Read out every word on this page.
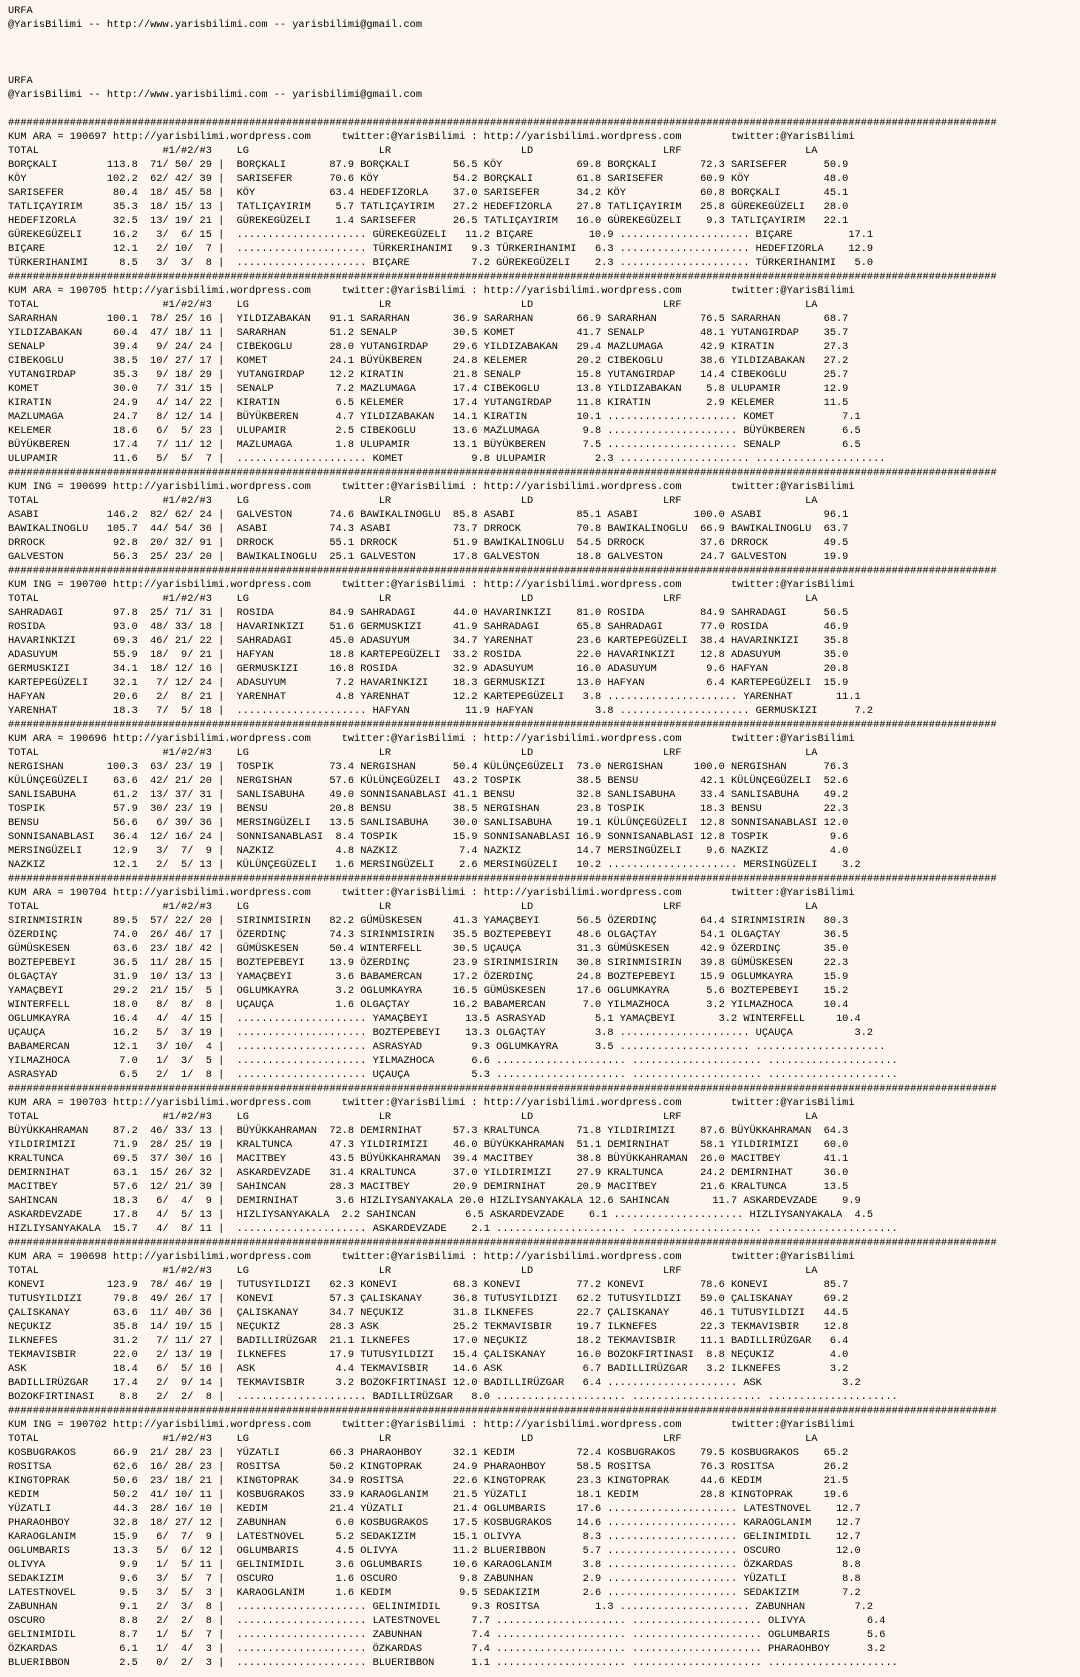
URFA
@YarisBilimi -- http://www.yarisbilimi.com -- yarisbilimi@gmail.com
URFA
@YarisBilimi -- http://www.yarisbilimi.com -- yarisbilimi@gmail.com
################################################################################################################################################################
KUM ARA = 190697 http://yarisbilimi.wordpress.com     twitter:@YarisBilimi : http://yarisbilimi.wordpress.com        twitter:@YarisBilimi
TOTAL                    #1/#2/#3    LG                     LR                     LD                     LRF                    LA
BORÇKALI        113.8  71/ 50/ 29 |  BORÇKALI       87.9 BORÇKALI       56.5 KÖY            69.8 BORÇKALI       72.3 SARISEFER      50.9
KÖY             102.2  62/ 42/ 39 |  SARISEFER      70.6 KÖY            54.2 BORÇKALI       61.8 SARISEFER      60.9 KÖY            48.0
SARISEFER        80.4  18/ 45/ 58 |  KÖY            63.4 HEDEFIZORLA    37.0 SARISEFER      34.2 KÖY            60.8 BORÇKALI       45.1
TATLIÇAYIRIM     35.3  18/ 15/ 13 |  TATLIÇAYIRIM    5.7 TATLIÇAYIRIM   27.2 HEDEFIZORLA    27.8 TATLIÇAYIRIM   25.8 GÜREKEGÜZELI   28.0
HEDEFIZORLA      32.5  13/ 19/ 21 |  GÜREKEGÜZELI    1.4 SARISEFER      26.5 TATLIÇAYIRIM   16.0 GÜREKEGÜZELI    9.3 TATLIÇAYIRIM   22.1
GÜREKEGÜZELI     16.2   3/  6/ 15 |  ..................... GÜREKEGÜZELI   11.2 BIÇARE         10.9 ..................... BIÇARE         17.1
BIÇARE           12.1   2/ 10/  7 |  ..................... TÜRKERIHANIMI   9.3 TÜRKERIHANIMI   6.3 ..................... HEDEFIZORLA    12.9
TÜRKERIHANIMI     8.5   3/  3/  8 |  ..................... BIÇARE          7.2 GÜREKEGÜZELI    2.3 ..................... TÜRKERIHANIMI   5.0
################################################################################################################################################################
KUM ARA = 190705 http://yarisbilimi.wordpress.com     twitter:@YarisBilimi : http://yarisbilimi.wordpress.com        twitter:@YarisBilimi
TOTAL                    #1/#2/#3    LG                     LR                     LD                     LRF                    LA
SARARHAN        100.1  78/ 25/ 16 |  YILDIZABAKAN   91.1 SARARHAN       36.9 SARARHAN       66.9 SARARHAN       76.5 SARARHAN       68.7
YILDIZABAKAN     60.4  47/ 18/ 11 |  SARARHAN       51.2 SENALP         30.5 KOMET          41.7 SENALP         48.1 YUTANGIRDAP    35.7
SENALP           39.4   9/ 24/ 24 |  CIBEKOGLU      28.0 YUTANGIRDAP    29.6 YILDIZABAKAN   29.4 MAZLUMAGA      42.9 KIRATIN        27.3
CIBEKOGLU        38.5  10/ 27/ 17 |  KOMET          24.1 BÜYÜKBEREN     24.8 KELEMER        20.2 CIBEKOGLU      38.6 YILDIZABAKAN   27.2
YUTANGIRDAP      35.3   9/ 18/ 29 |  YUTANGIRDAP    12.2 KIRATIN        21.8 SENALP         15.8 YUTANGIRDAP    14.4 CIBEKOGLU      25.7
KOMET            30.0   7/ 31/ 15 |  SENALP          7.2 MAZLUMAGA      17.4 CIBEKOGLU      13.8 YILDIZABAKAN    5.8 ULUPAMIR       12.9
KIRATIN          24.9   4/ 14/ 22 |  KIRATIN         6.5 KELEMER        17.4 YUTANGIRDAP    11.8 KIRATIN         2.9 KELEMER        11.5
MAZLUMAGA        24.7   8/ 12/ 14 |  BÜYÜKBEREN      4.7 YILDIZABAKAN   14.1 KIRATIN        10.1 ..................... KOMET           7.1
KELEMER          18.6   6/  5/ 23 |  ULUPAMIR        2.5 CIBEKOGLU      13.6 MAZLUMAGA       9.8 ..................... BÜYÜKBEREN      6.5
BÜYÜKBEREN       17.4   7/ 11/ 12 |  MAZLUMAGA       1.8 ULUPAMIR       13.1 BÜYÜKBEREN      7.5 ..................... SENALP          6.5
ULUPAMIR         11.6   5/  5/  7 |  ..................... KOMET           9.8 ULUPAMIR        2.3 ..................... .....................
################################################################################################################################################################
KUM ING = 190699 http://yarisbilimi.wordpress.com     twitter:@YarisBilimi : http://yarisbilimi.wordpress.com        twitter:@YarisBilimi
TOTAL                    #1/#2/#3    LG                     LR                     LD                     LRF                    LA
ASABI           146.2  82/ 62/ 24 |  GALVESTON      74.6 BAWIKALINOGLU  85.8 ASABI          85.1 ASABI         100.0 ASABI          96.1
BAWIKALINOGLU   105.7  44/ 54/ 36 |  ASABI          74.3 ASABI          73.7 DRROCK         70.8 BAWIKALINOGLU  66.9 BAWIKALINOGLU  63.7
DRROCK           92.8  20/ 32/ 91 |  DRROCK         55.1 DRROCK         51.9 BAWIKALINOGLU  54.5 DRROCK         37.6 DRROCK         49.5
GALVESTON        56.3  25/ 23/ 20 |  BAWIKALINOGLU  25.1 GALVESTON      17.8 GALVESTON      18.8 GALVESTON      24.7 GALVESTON      19.9
################################################################################################################################################################
KUM ING = 190700 http://yarisbilimi.wordpress.com     twitter:@YarisBilimi : http://yarisbilimi.wordpress.com        twitter:@YarisBilimi
TOTAL                    #1/#2/#3    LG                     LR                     LD                     LRF                    LA
SAHRADAGI        97.8  25/ 71/ 31 |  ROSIDA         84.9 SAHRADAGI      44.0 HAVARINKIZI    81.0 ROSIDA         84.9 SAHRADAGI      56.5
ROSIDA           93.0  48/ 33/ 18 |  HAVARINKIZI    51.6 GERMUSKIZI     41.9 SAHRADAGI      65.8 SAHRADAGI      77.0 ROSIDA         46.9
HAVARINKIZI      69.3  46/ 21/ 22 |  SAHRADAGI      45.0 ADASUYUM       34.7 YARENHAT       23.6 KARTEPEGÜZELI  38.4 HAVARINKIZI    35.8
ADASUYUM         55.9  18/  9/ 21 |  HAFYAN         18.8 KARTEPEGÜZELI  33.2 ROSIDA         22.0 HAVARINKIZI    12.8 ADASUYUM       35.0
GERMUSKIZI       34.1  18/ 12/ 16 |  GERMUSKIZI     16.8 ROSIDA         32.9 ADASUYUM       16.0 ADASUYUM        9.6 HAFYAN         20.8
KARTEPEGÜZELI    32.1   7/ 12/ 24 |  ADASUYUM        7.2 HAVARINKIZI    18.3 GERMUSKIZI     13.0 HAFYAN          6.4 KARTEPEGÜZELI  15.9
HAFYAN           20.6   2/  8/ 21 |  YARENHAT        4.8 YARENHAT       12.2 KARTEPEGÜZELI   3.8 ..................... YARENHAT       11.1
YARENHAT         18.3   7/  5/ 18 |  ..................... HAFYAN         11.9 HAFYAN          3.8 ..................... GERMUSKIZI      7.2
################################################################################################################################################################
KUM ARA = 190696 http://yarisbilimi.wordpress.com     twitter:@YarisBilimi : http://yarisbilimi.wordpress.com        twitter:@YarisBilimi
TOTAL                    #1/#2/#3    LG                     LR                     LD                     LRF                    LA
NERGISHAN       100.3  63/ 23/ 19 |  TOSPIK         73.4 NERGISHAN      50.4 KÜLÜNÇEGÜZELI  73.0 NERGISHAN     100.0 NERGISHAN      76.3
KÜLÜNÇEGÜZELI    63.6  42/ 21/ 20 |  NERGISHAN      57.6 KÜLÜNÇEGÜZELI  43.2 TOSPIK         38.5 BENSU          42.1 KÜLÜNÇEGÜZELI  52.6
SANLISABUHA      61.2  13/ 37/ 31 |  SANLISABUHA    49.0 SONNISANABLASI 41.1 BENSU          32.8 SANLISABUHA    33.4 SANLISABUHA    49.2
TOSPIK           57.9  30/ 23/ 19 |  BENSU          20.8 BENSU          38.5 NERGISHAN      23.8 TOSPIK         18.3 BENSU          22.3
BENSU            56.6   6/ 39/ 36 |  MERSINGÜZELI   13.5 SANLISABUHA    30.0 SANLISABUHA    19.1 KÜLÜNÇEGÜZELI  12.8 SONNISANABLASI 12.0
SONNISANABLASI   36.4  12/ 16/ 24 |  SONNISANABLASI  8.4 TOSPIK         15.9 SONNISANABLASI 16.9 SONNISANABLASI 12.8 TOSPIK          9.6
MERSINGÜZELI     12.9   3/  7/  9 |  NAZKIZ          4.8 NAZKIZ          7.4 NAZKIZ         14.7 MERSINGÜZELI    9.6 NAZKIZ          4.0
NAZKIZ           12.1   2/  5/ 13 |  KÜLÜNÇEGÜZELI   1.6 MERSINGÜZELI    2.6 MERSINGÜZELI   10.2 ..................... MERSINGÜZELI    3.2
################################################################################################################################################################
KUM ARA = 190704 http://yarisbilimi.wordpress.com     twitter:@YarisBilimi : http://yarisbilimi.wordpress.com        twitter:@YarisBilimi
TOTAL                    #1/#2/#3    LG                     LR                     LD                     LRF                    LA
SIRINMISIRIN     89.5  57/ 22/ 20 |  SIRINMISIRIN   82.2 GÜMÜSKESEN     41.3 YAMAÇBEYI      56.5 ÖZERDINÇ       64.4 SIRINMISIRIN   80.3
ÖZERDINÇ         74.0  26/ 46/ 17 |  ÖZERDINÇ       74.3 SIRINMISIRIN   35.5 BOZTEPEBEYI    48.6 OLGAÇTAY       54.1 OLGAÇTAY       36.5
GÜMÜSKESEN       63.6  23/ 18/ 42 |  GÜMÜSKESEN     50.4 WINTERFELL     30.5 UÇAUÇA         31.3 GÜMÜSKESEN     42.9 ÖZERDINÇ       35.0
BOZTEPEBEYI      36.5  11/ 28/ 15 |  BOZTEPEBEYI    13.9 ÖZERDINÇ       23.9 SIRINMISIRIN   30.8 SIRINMISIRIN   39.8 GÜMÜSKESEN     22.3
OLGAÇTAY         31.9  10/ 13/ 13 |  YAMAÇBEYI       3.6 BABAMERCAN     17.2 ÖZERDINÇ       24.8 BOZTEPEBEYI    15.9 OGLUMKAYRA     15.9
YAMAÇBEYI        29.2  21/ 15/  5 |  OGLUMKAYRA      3.2 OGLUMKAYRA     16.5 GÜMÜSKESEN     17.6 OGLUMKAYRA      5.6 BOZTEPEBEYI    15.2
WINTERFELL       18.0   8/  8/  8 |  UÇAUÇA          1.6 OLGAÇTAY       16.2 BABAMERCAN      7.0 YILMAZHOCA      3.2 YILMAZHOCA     10.4
OGLUMKAYRA       16.4   4/  4/ 15 |  ..................... YAMAÇBEYI      13.5 ASRASYAD        5.1 YAMAÇBEYI       3.2 WINTERFELL     10.4
UÇAUÇA           16.2   5/  3/ 19 |  ..................... BOZTEPEBEYI    13.3 OLGAÇTAY        3.8 ..................... UÇAUÇA          3.2
BABAMERCAN       12.1   3/ 10/  4 |  ..................... ASRASYAD        9.3 OGLUMKAYRA      3.5 ..................... .....................
YILMAZHOCA        7.0   1/  3/  5 |  ..................... YILMAZHOCA      6.6 ..................... ..................... .....................
ASRASYAD          6.5   2/  1/  8 |  ..................... UÇAUÇA          5.3 ..................... ..................... .....................
################################################################################################################################################################
KUM ARA = 190703 http://yarisbilimi.wordpress.com     twitter:@YarisBilimi : http://yarisbilimi.wordpress.com        twitter:@YarisBilimi
TOTAL                    #1/#2/#3    LG                     LR                     LD                     LRF                    LA
BÜYÜKKAHRAMAN    87.2  46/ 33/ 13 |  BÜYÜKKAHRAMAN  72.8 DEMIRNIHAT     57.3 KRALTUNCA      71.8 YILDIRIMIZI    87.6 BÜYÜKKAHRAMAN  64.3
YILDIRIMIZI      71.9  28/ 25/ 19 |  KRALTUNCA      47.3 YILDIRIMIZI    46.0 BÜYÜKKAHRAMAN  51.1 DEMIRNIHAT     58.1 YILDIRIMIZI    60.0
KRALTUNCA        69.5  37/ 30/ 16 |  MACITBEY       43.5 BÜYÜKKAHRAMAN  39.4 MACITBEY       38.8 BÜYÜKKAHRAMAN  26.0 MACITBEY       41.1
DEMIRNIHAT       63.1  15/ 26/ 32 |  ASKARDEVZADE   31.4 KRALTUNCA      37.0 YILDIRIMIZI    27.9 KRALTUNCA      24.2 DEMIRNIHAT     36.0
MACITBEY         57.6  12/ 21/ 39 |  SAHINCAN       28.3 MACITBEY       20.9 DEMIRNIHAT     20.9 MACITBEY       21.6 KRALTUNCA      13.5
SAHINCAN         18.3   6/  4/  9 |  DEMIRNIHAT      3.6 HIZLIYSANYAKALA 20.0 HIZLIYSANYAKALA 12.6 SAHINCAN       11.7 ASKARDEVZADE    9.9
ASKARDEVZADE     17.8   4/  5/ 13 |  HIZLIYSANYAKALA  2.2 SAHINCAN        6.5 ASKARDEVZADE    6.1 ..................... HIZLIYSANYAKALA  4.5
HIZLIYSANYAKALA  15.7   4/  8/ 11 |  ..................... ASKARDEVZADE    2.1 ..................... ..................... .....................
################################################################################################################################################################
KUM ARA = 190698 http://yarisbilimi.wordpress.com     twitter:@YarisBilimi : http://yarisbilimi.wordpress.com        twitter:@YarisBilimi
TOTAL                    #1/#2/#3    LG                     LR                     LD                     LRF                    LA
KONEVI          123.9  78/ 46/ 19 |  TUTUSYILDIZI   62.3 KONEVI         68.3 KONEVI         77.2 KONEVI         78.6 KONEVI         85.7
TUTUSYILDIZI     79.8  49/ 26/ 17 |  KONEVI         57.3 ÇALISKANAY     36.8 TUTUSYILDIZI   62.2 TUTUSYILDIZI   59.0 ÇALISKANAY     69.2
ÇALISKANAY       63.6  11/ 40/ 36 |  ÇALISKANAY     34.7 NEÇUKIZ        31.8 ILKNEFES       22.7 ÇALISKANAY     46.1 TUTUSYILDIZI   44.5
NEÇUKIZ          35.8  14/ 19/ 15 |  NEÇUKIZ        28.3 ASK            25.2 TEKMAVISBIR    19.7 ILKNEFES       22.3 TEKMAVISBIR    12.8
ILKNEFES         31.2   7/ 11/ 27 |  BADILLIRÜZGAR  21.1 ILKNEFES       17.0 NEÇUKIZ        18.2 TEKMAVISBIR    11.1 BADILLIRÜZGAR   6.4
TEKMAVISBIR      22.0   2/ 13/ 19 |  ILKNEFES       17.9 TUTUSYILDIZI   15.4 ÇALISKANAY     16.0 BOZOKFIRTINASI  8.8 NEÇUKIZ         4.0
ASK              18.4   6/  5/ 16 |  ASK             4.4 TEKMAVISBIR    14.6 ASK             6.7 BADILLIRÜZGAR   3.2 ILKNEFES        3.2
BADILLIRÜZGAR    17.4   2/  9/ 14 |  TEKMAVISBIR     3.2 BOZOKFIRTINASI 12.0 BADILLIRÜZGAR   6.4 ..................... ASK             3.2
BOZOKFIRTINASI    8.8   2/  2/  8 |  ..................... BADILLIRÜZGAR   8.0 ..................... ..................... .....................
################################################################################################################################################################
KUM ING = 190702 http://yarisbilimi.wordpress.com     twitter:@YarisBilimi : http://yarisbilimi.wordpress.com        twitter:@YarisBilimi
TOTAL                    #1/#2/#3    LG                     LR                     LD                     LRF                    LA
KOSBUGRAKOS      66.9  21/ 28/ 23 |  YÜZATLI        66.3 PHARAOHBOY     32.1 KEDIM          72.4 KOSBUGRAKOS    79.5 KOSBUGRAKOS    65.2
ROSITSA          62.6  16/ 28/ 23 |  ROSITSA        50.2 KINGTOPRAK     24.9 PHARAOHBOY     58.5 ROSITSA        76.3 ROSITSA        26.2
KINGTOPRAK       50.6  23/ 18/ 21 |  KINGTOPRAK     34.9 ROSITSA        22.6 KINGTOPRAK     23.3 KINGTOPRAK     44.6 KEDIM          21.5
KEDIM            50.2  41/ 10/ 11 |  KOSBUGRAKOS    33.9 KARAOGLANIM    21.5 YÜZATLI        18.1 KEDIM          28.8 KINGTOPRAK     19.6
YÜZATLI          44.3  28/ 16/ 10 |  KEDIM          21.4 YÜZATLI        21.4 OGLUMBARIS     17.6 ..................... LATESTNOVEL    12.7
PHARAOHBOY       32.8  18/ 27/ 12 |  ZABUNHAN        6.0 KOSBUGRAKOS    17.5 KOSBUGRAKOS    14.6 ..................... KARAOGLANIM    12.7
KARAOGLANIM      15.9   6/  7/  9 |  LATESTNOVEL     5.2 SEDAKIZIM      15.1 OLIVYA          8.3 ..................... GELINIMIDIL    12.7
OGLUMBARIS       13.3   5/  6/ 12 |  OGLUMBARIS      4.5 OLIVYA         11.2 BLUERIBBON      5.7 ..................... OSCURO         12.0
OLIVYA            9.9   1/  5/ 11 |  GELINIMIDIL     3.6 OGLUMBARIS     10.6 KARAOGLANIM     3.8 ..................... ÖZKARDAS        8.8
SEDAKIZIM         9.6   3/  5/  7 |  OSCURO          1.6 OSCURO          9.8 ZABUNHAN        2.9 ..................... YÜZATLI         8.8
LATESTNOVEL       9.5   3/  5/  3 |  KARAOGLANIM     1.6 KEDIM           9.5 SEDAKIZIM       2.6 ..................... SEDAKIZIM       7.2
ZABUNHAN          9.1   2/  3/  8 |  ..................... GELINIMIDIL     9.3 ROSITSA         1.3 ..................... ZABUNHAN        7.2
OSCURO            8.8   2/  2/  8 |  ..................... LATESTNOVEL     7.7 ..................... ..................... OLIVYA          6.4
GELINIMIDIL       8.7   1/  5/  7 |  ..................... ZABUNHAN        7.4 ..................... ..................... OGLUMBARIS      5.6
ÖZKARDAS          6.1   1/  4/  3 |  ..................... ÖZKARDAS        7.4 ..................... ..................... PHARAOHBOY      3.2
BLUERIBBON        2.5   0/  2/  3 |  ..................... BLUERIBBON      1.1 ..................... ..................... .....................
